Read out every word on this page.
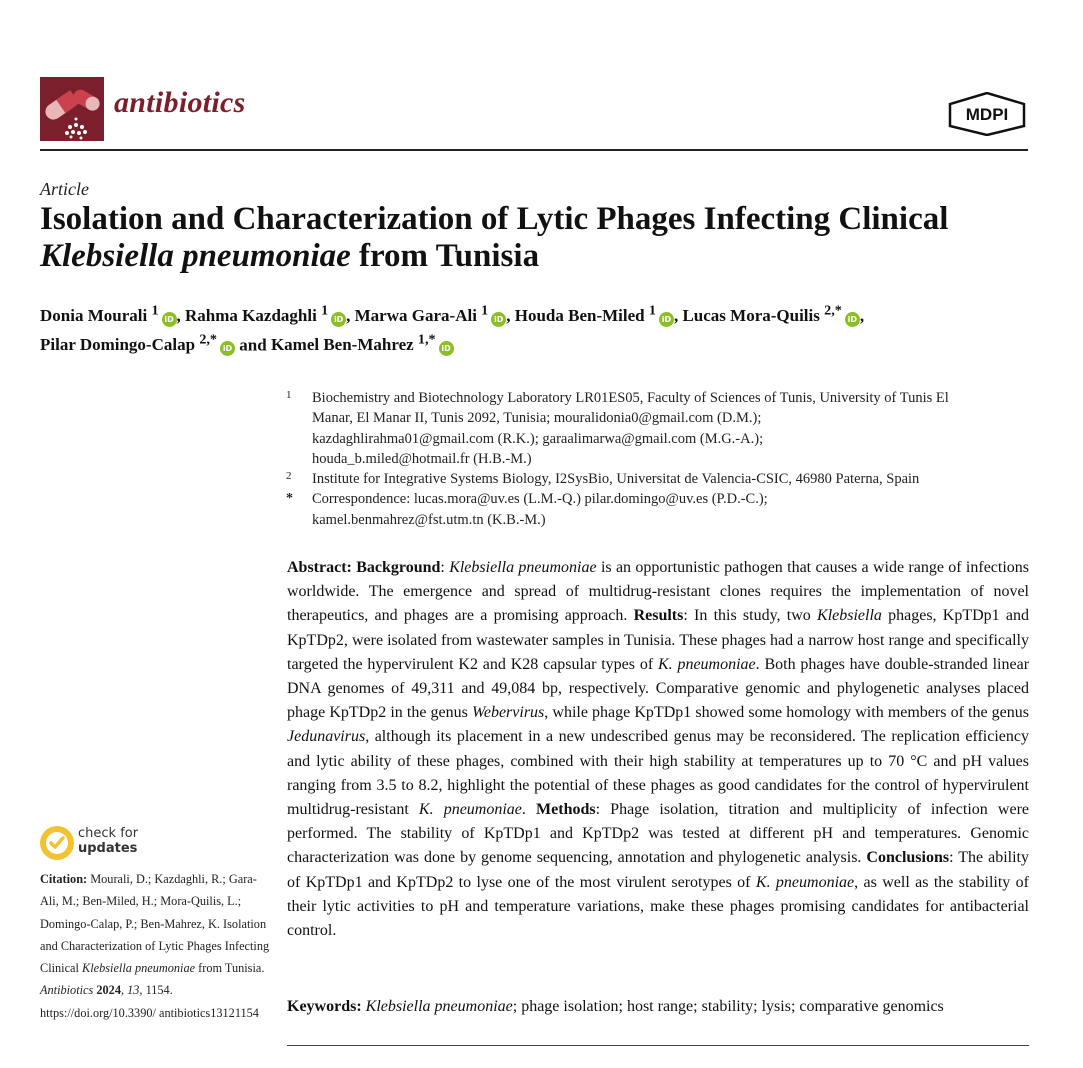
antibiotics	MDPI
Article
Isolation and Characterization of Lytic Phages Infecting Clinical Klebsiella pneumoniae from Tunisia
Donia Mourali $^1$iD , Rahma Kazdaghli $^1$iD , Marwa Gara-Ali $^1$iD , Houda Ben-Miled $^1$iD , Lucas Mora-Quilis $^{2,*}$iD ,
Pilar Domingo-Calap $^{2,*}$iD and Kamel Ben-Mahrez $^{1,*}$iD
1 Biochemistry and Biotechnology Laboratory LR01ES05, Faculty of Sciences of Tunis, University of Tunis El
Manar, El Manar II, Tunis 2092, Tunisia; mouralidonia0@gmail.com (D.M.);
kazdaghlirahma01@gmail.com (R.K.); garaalimarwa@gmail.com (M.G.-A.);
houda_b.miled@hotmail.fr (H.B.-M.)
2 Institute for Integrative Systems Biology, I2SysBio, Universitat de Valencia-CSIC, 46980 Paterna, Spain
* Correspondence: lucas.mora@uv.es (L.M.-Q.) pilar.domingo@uv.es (P.D.-C.);
kamel.benmahrez@fst.utm.tn (K.B.-M.)
Abstract: Background: Klebsiella pneumoniae is an opportunistic pathogen that causes a wide range of infections worldwide. The emergence and spread of multidrug-resistant clones requires the implementation of novel therapeutics, and phages are a promising approach. Results: In this study, two Klebsiella phages, KpTDp1 and KpTDp2, were isolated from wastewater samples in Tunisia. These phages had a narrow host range and specifically targeted the hypervirulent K2 and K28 capsular types of K. pneumoniae. Both phages have double-stranded linear DNA genomes of 49,311 and 49,084 bp, respectively. Comparative genomic and phylogenetic analyses placed phage KpTDp2 in the genus Webervirus, while phage KpTDp1 showed some homology with members of the genus Jedunavirus, although its placement in a new undescribed genus may be reconsidered. The replication efficiency and lytic ability of these phages, combined with their high stability at temperatures up to 70 °C and pH values ranging from 3.5 to 8.2, highlight the potential of these phages as good candidates for the control of hypervirulent multidrug-resistant K. pneumoniae. Methods: Phage isolation, titration and multiplicity of infection were performed. The stability of KpTDp1 and KpTDp2 was tested at different pH and temperatures. Genomic characterization was done by genome sequencing, annotation and phylogenetic analysis. Conclusions: The ability of KpTDp1 and KpTDp2 to lyse one of the most virulent serotypes of K. pneumoniae, as well as the stability of their lytic activities to pH and temperature variations, make these phages promising candidates for antibacterial control.
Keywords: Klebsiella pneumoniae; phage isolation; host range; stability; lysis; comparative genomics
check for
updates
Citation: Mourali, D.; Kazdaghli, R.; Gara-Ali, M.; Ben-Miled, H.; Mora-Quilis, L.; Domingo-Calap, P.; Ben-Mahrez, K. Isolation and Characterization of Lytic Phages Infecting Clinical Klebsiella pneumoniae from Tunisia. Antibiotics 2024, 13, 1154. https://doi.org/10.3390/ antibiotics13121154
